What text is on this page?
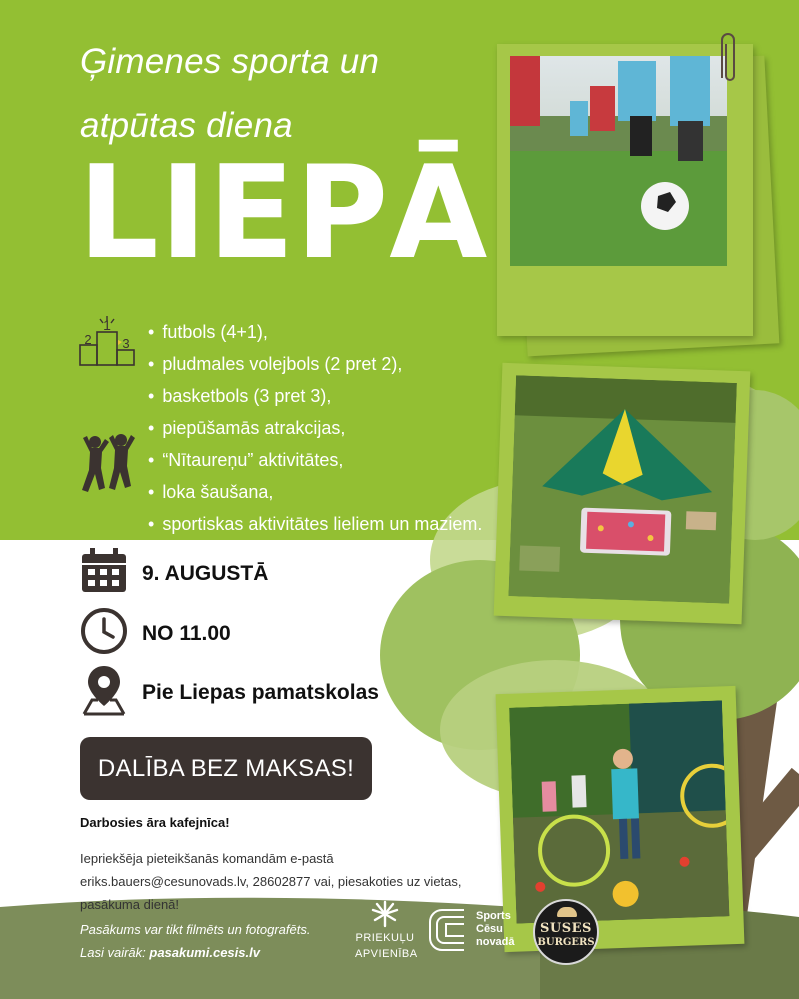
Ģimenes sporta un
atpūtas diena
LIEPĀ
1
2 3
• futbols (4+1),
• pludmales volejbols (2 pret 2),
• basketbols (3 pret 3),
• piepūšamās atrakcijas,
• “Nītaureņu” aktivitātes,
• loka šaušana,
• sportiskas aktivitātes lieliem un maziem.
9. AUGUSTĀ
NO 11.00
Pie Liepas pamatskolas
DALĪBA BEZ MAKSAS!
Darbosies āra kafejnīca!
Iepriekšēja pieteikšanās komandām e-pastā eriks.bauers@cesunovads.lv, 28602877 vai, piesakoties uz vietas, pasākuma dienā!
Pasākums var tikt filmēts un fotografēts.
Lasi vairāk: pasakumi.cesis.lv
PRIEKUĻU
APVIENĪBA
Sports
Cēsu
novadā
SUSES
BURGERS
